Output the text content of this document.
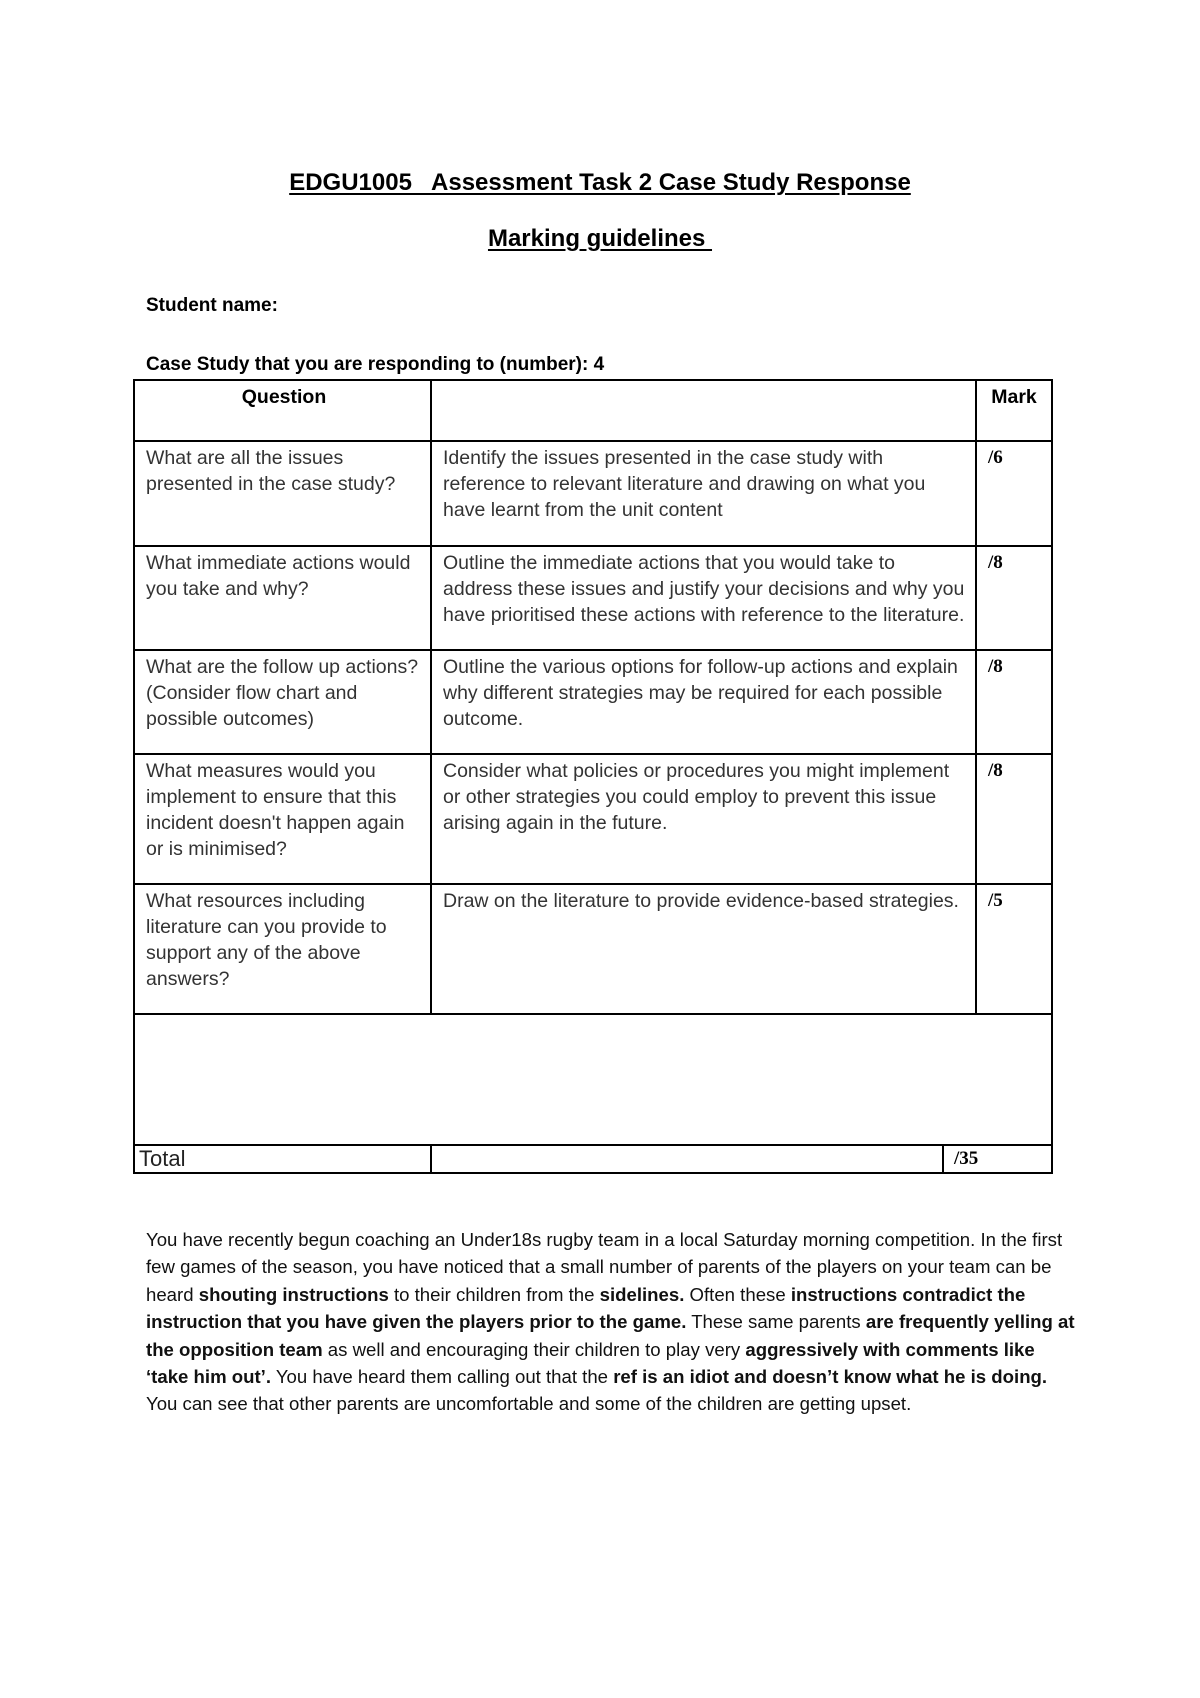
EDGU1005   Assessment Task 2 Case Study Response
Marking guidelines
Student name:
Case Study that you are responding to (number): 4
Question		Mark
What are all the issues presented in the case study?	Identify the issues presented in the case study with reference to relevant literature and drawing on what you have learnt from the unit content	/6
What immediate actions would you take and why?	Outline the immediate actions that you would take to address these issues and justify your decisions and why you have prioritised these actions with reference to the literature.	/8
What are the follow up actions? (Consider flow chart and possible outcomes)	Outline the various options for follow-up actions and explain why different strategies may be required for each possible outcome.	/8
What measures would you implement to ensure that this incident doesn't happen again or is minimised?	Consider what policies or procedures you might implement or other strategies you could employ to prevent this issue arising again in the future.	/8
What resources including literature can you provide to support any of the above answers?	Draw on the literature to provide evidence-based strategies.	/5

Total		/35
You have recently begun coaching an Under18s rugby team in a local Saturday morning competition. In the first few games of the season, you have noticed that a small number of parents of the players on your team can be heard shouting instructions to their children from the sidelines. Often these instructions contradict the instruction that you have given the players prior to the game. These same parents are frequently yelling at the opposition team as well and encouraging their children to play very aggressively with comments like ‘take him out’. You have heard them calling out that the ref is an idiot and doesn’t know what he is doing. You can see that other parents are uncomfortable and some of the children are getting upset.
